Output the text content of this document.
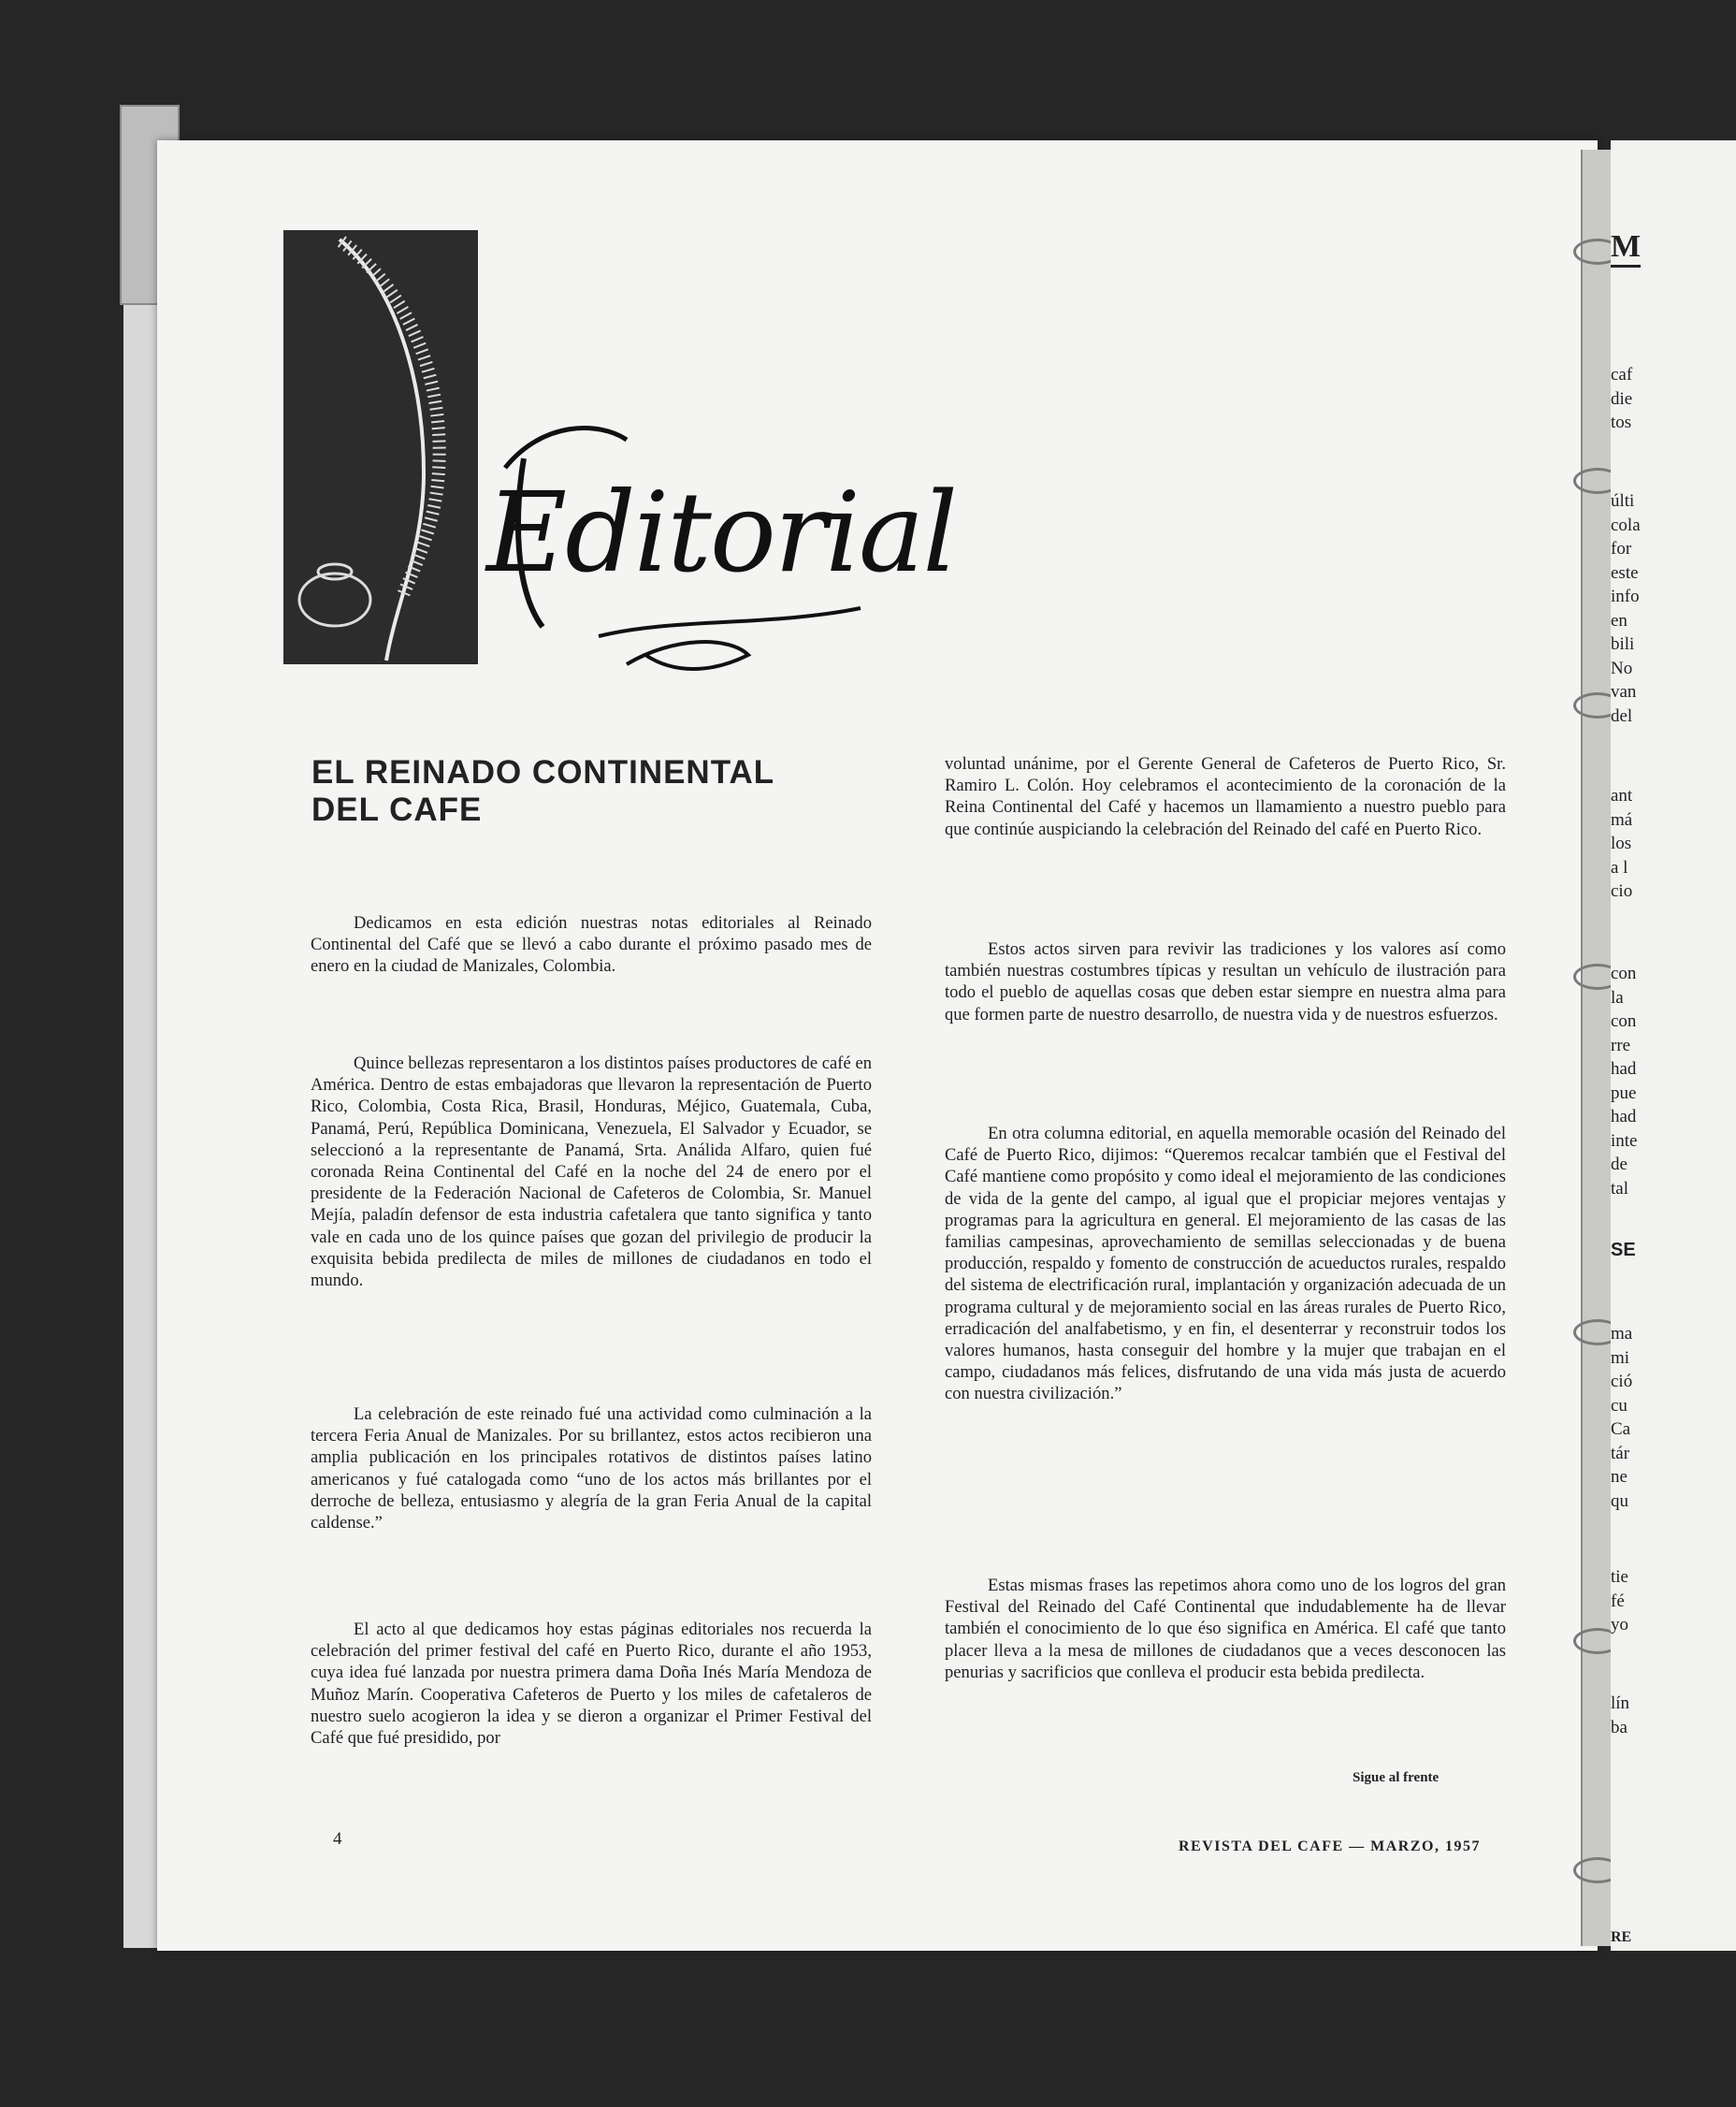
Editorial
EL REINADO CONTINENTAL
DEL CAFE

Dedicamos en esta edición nuestras notas editoriales al Reinado Continental del Café que se llevó a cabo durante el próximo pasado mes de enero en la ciudad de Manizales, Colombia.

Quince bellezas representaron a los distintos países productores de café en América. Dentro de estas embajadoras que llevaron la representación de Puerto Rico, Colombia, Costa Rica, Brasil, Honduras, Méjico, Guatemala, Cuba, Panamá, Perú, República Dominicana, Venezuela, El Salvador y Ecuador, se seleccionó a la representante de Panamá, Srta. Análida Alfaro, quien fué coronada Reina Continental del Café en la noche del 24 de enero por el presidente de la Federación Nacional de Cafeteros de Colombia, Sr. Manuel Mejía, paladín defensor de esta industria cafetalera que tanto significa y tanto vale en cada uno de los quince países que gozan del privilegio de producir la exquisita bebida predilecta de miles de millones de ciudadanos en todo el mundo.

La celebración de este reinado fué una actividad como culminación a la tercera Feria Anual de Manizales. Por su brillantez, estos actos recibieron una amplia publicación en los principales rotativos de distintos países latino americanos y fué catalogada como “uno de los actos más brillantes por el derroche de belleza, entusiasmo y alegría de la gran Feria Anual de la capital caldense.”

El acto al que dedicamos hoy estas páginas editoriales nos recuerda la celebración del primer festival del café en Puerto Rico, durante el año 1953, cuya idea fué lanzada por nuestra primera dama Doña Inés María Mendoza de Muñoz Marín. Cooperativa Cafeteros de Puerto y los miles de cafetaleros de nuestro suelo acogieron la idea y se dieron a organizar el Primer Festival del Café que fué presidido, por

voluntad unánime, por el Gerente General de Cafeteros de Puerto Rico, Sr. Ramiro L. Colón. Hoy celebramos el acontecimiento de la coronación de la Reina Continental del Café y hacemos un llamamiento a nuestro pueblo para que continúe auspiciando la celebración del Reinado del café en Puerto Rico.

Estos actos sirven para revivir las tradiciones y los valores así como también nuestras costumbres típicas y resultan un vehículo de ilustración para todo el pueblo de aquellas cosas que deben estar siempre en nuestra alma para que formen parte de nuestro desarrollo, de nuestra vida y de nuestros esfuerzos.

En otra columna editorial, en aquella memorable ocasión del Reinado del Café de Puerto Rico, dijimos: “Queremos recalcar también que el Festival del Café mantiene como propósito y como ideal el mejoramiento de las condiciones de vida de la gente del campo, al igual que el propiciar mejores ventajas y programas para la agricultura en general. El mejoramiento de las casas de las familias campesinas, aprovechamiento de semillas seleccionadas y de buena producción, respaldo y fomento de construcción de acueductos rurales, respaldo del sistema de electrificación rural, implantación y organización adecuada de un programa cultural y de mejoramiento social en las áreas rurales de Puerto Rico, erradicación del analfabetismo, y en fin, el desenterrar y reconstruir todos los valores humanos, hasta conseguir del hombre y la mujer que trabajan en el campo, ciudadanos más felices, disfrutando de una vida más justa de acuerdo con nuestra civilización.”

Estas mismas frases las repetimos ahora como uno de los logros del gran Festival del Reinado del Café Continental que indudablemente ha de llevar también el conocimiento de lo que éso significa en América. El café que tanto placer lleva a la mesa de millones de ciudadanos que a veces desconocen las penurias y sacrificios que conlleva el producir esta bebida predilecta.

Sigue al frente
4	REVISTA DEL CAFE — MARZO, 1957
M
caf
die
tos
últi
cola
for
este
info
en
bili
No
van
del
ant
má
los
a l
cio
con
la
con
rre
had
pue
had
inte
de
tal
ma
mi
ció
cu
Ca
tár
ne
qu
tie
fé
yo
lín
ba
SE
RE
